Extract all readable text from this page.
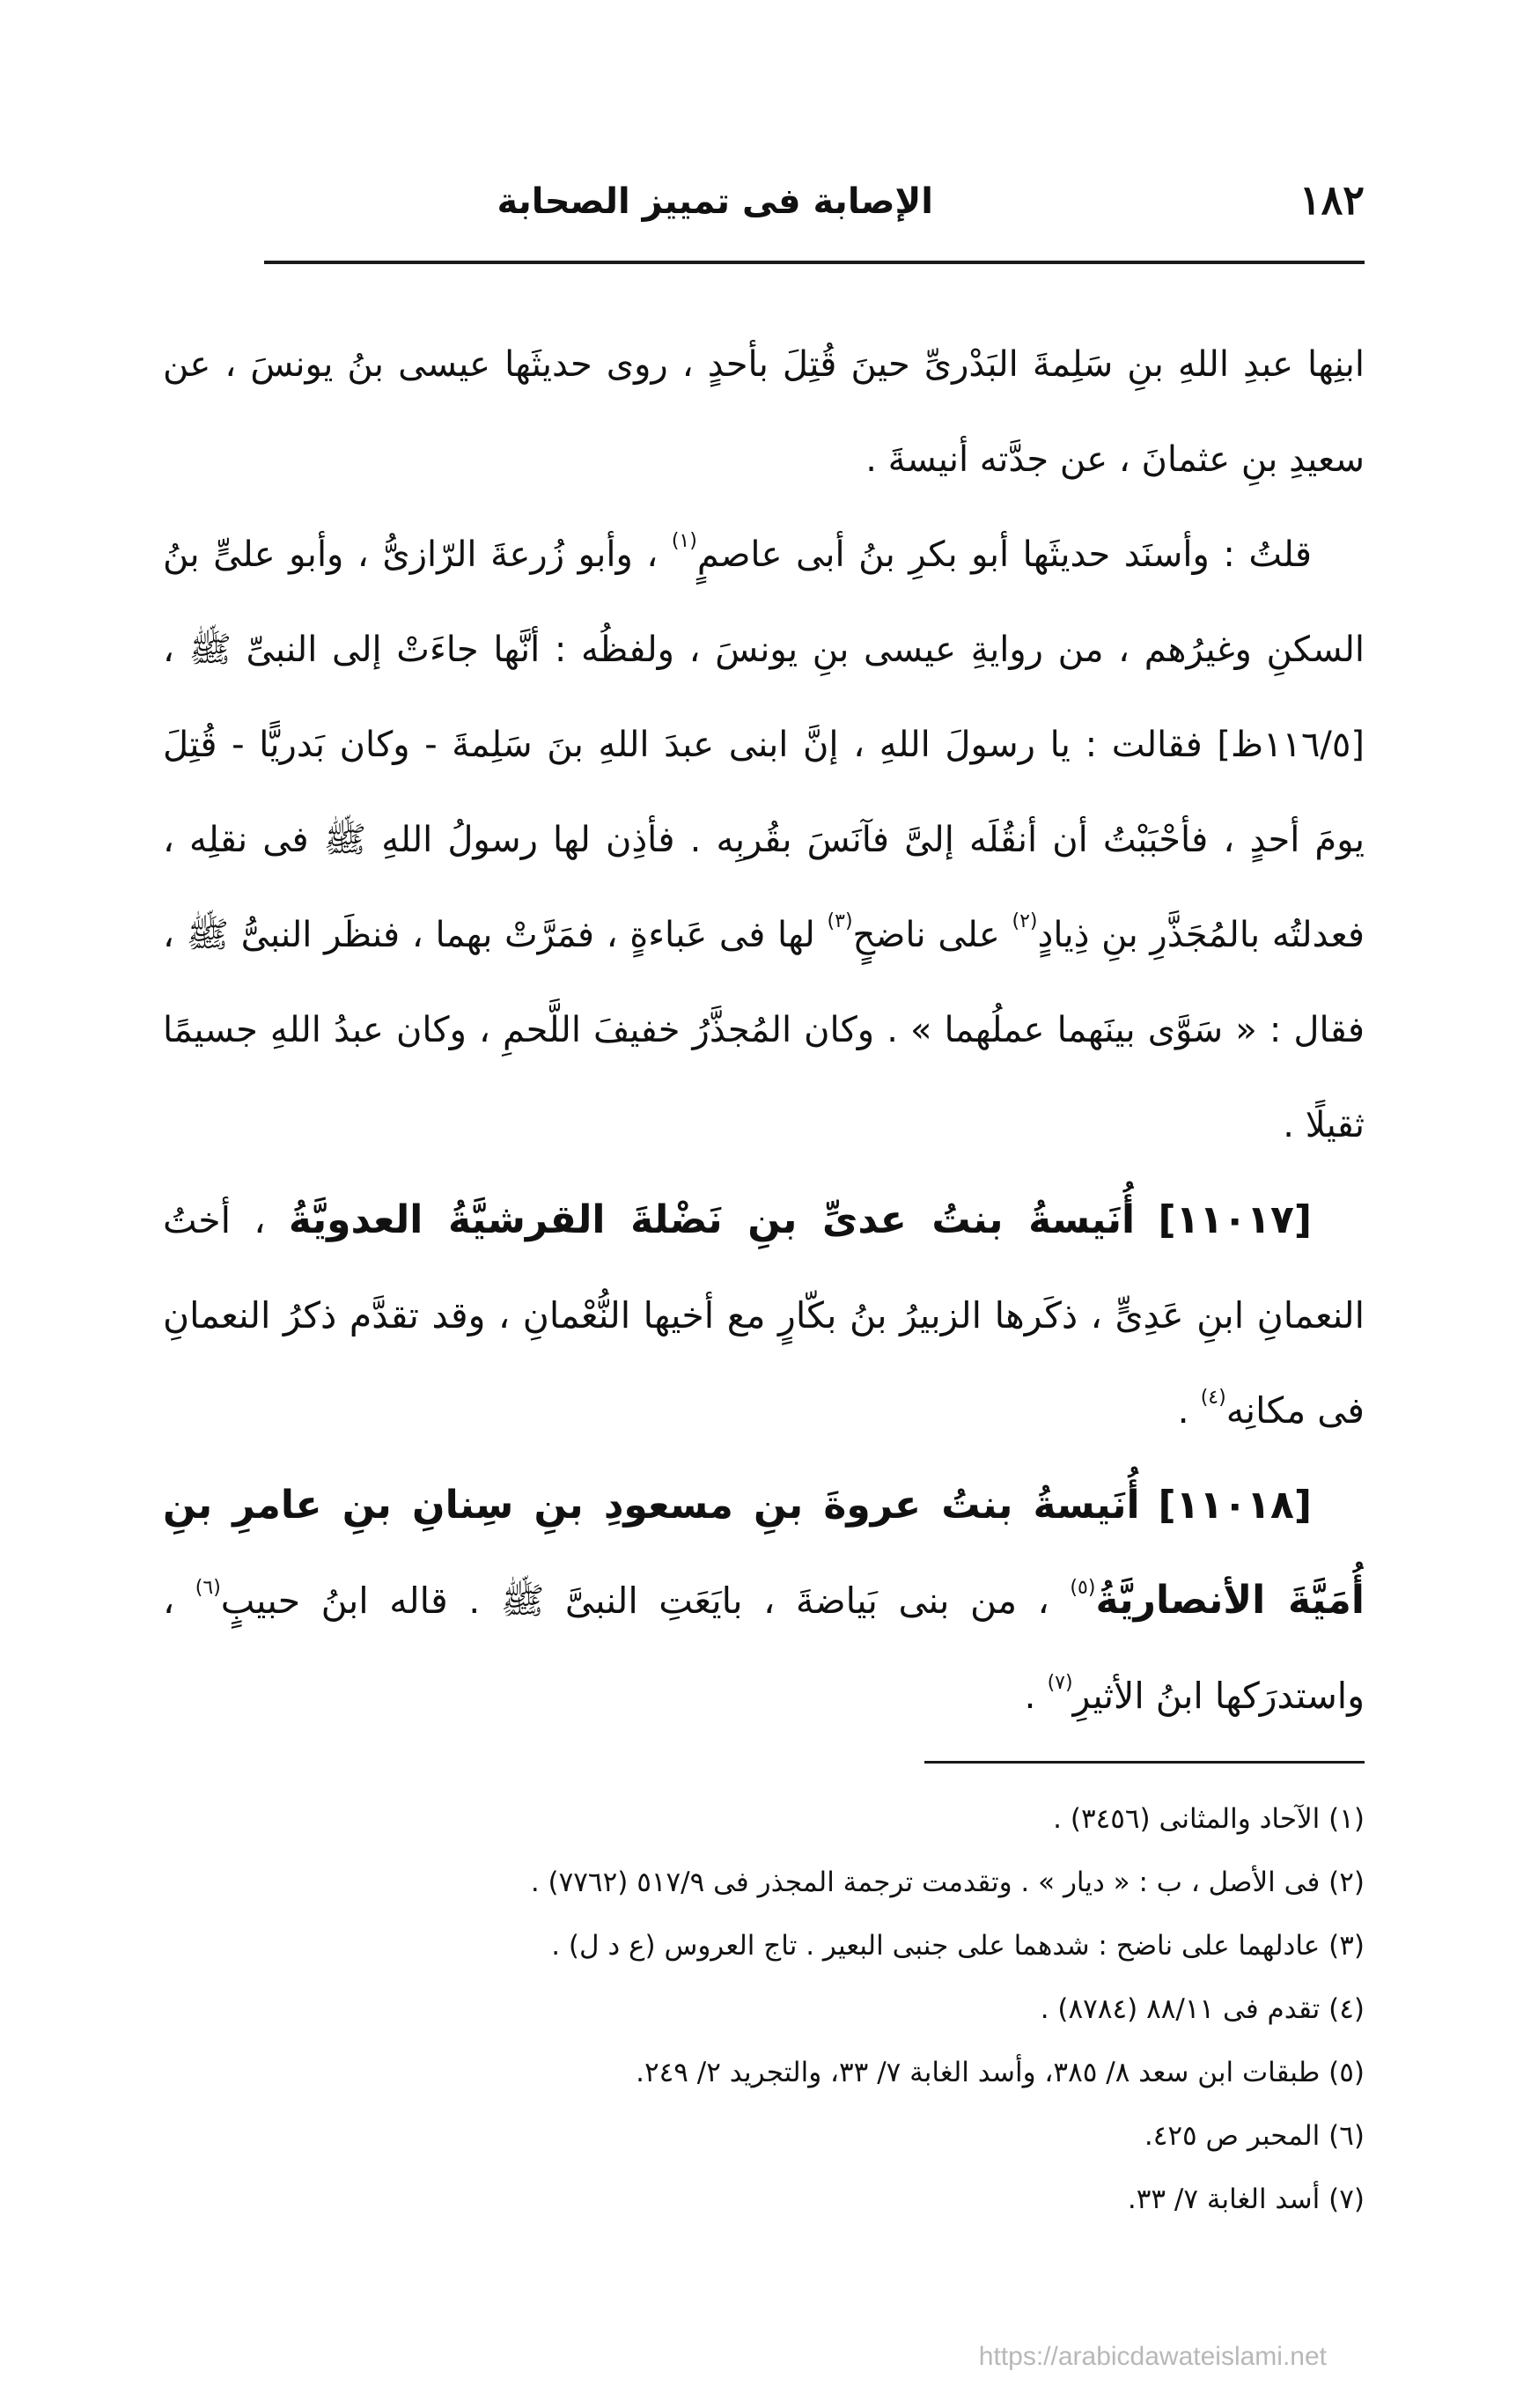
١٨٢
الإصابة فى تمييز الصحابة

ابنِها عبدِ اللهِ بنِ سَلِمةَ البَدْرىِّ حينَ قُتِلَ بأحدٍ ، روى حديثَها عيسى بنُ يونسَ ، عن سعيدِ بنِ عثمانَ ، عن جدَّته أنيسةَ .

قلتُ : وأسنَد حديثَها أبو بكرِ بنُ أبى عاصمٍ$^{(١)}$ ، وأبو زُرعةَ الرّازىُّ ، وأبو علىٍّ بنُ السكنِ وغيرُهم ، من روايةِ عيسى بنِ يونسَ ، ولفظُه : أنَّها جاءَتْ إلى النبىِّ ﷺ ، [١١٦/٥ظ] فقالت : يا رسولَ اللهِ ، إنَّ ابنى عبدَ اللهِ بنَ سَلِمةَ - وكان بَدريًّا - قُتِلَ يومَ أحدٍ ، فأحْبَبْتُ أن أنقُلَه إلىَّ فآنَسَ بقُربِه . فأذِن لها رسولُ اللهِ ﷺ فى نقلِه ، فعدلتُه بالمُجَذَّرِ بنِ ذِيادٍ$^{(٢)}$ على ناضحٍ$^{(٣)}$ لها فى عَباءةٍ ، فمَرَّتْ بهما ، فنظَر النبىُّ ﷺ ، فقال : « سَوَّى بينَهما عملُهما » . وكان المُجذَّرُ خفيفَ اللَّحمِ ، وكان عبدُ اللهِ جسيمًا ثقيلًا .

[١١٠١٧] أُنَيسةُ بنتُ عدىِّ بنِ نَضْلةَ القرشيَّةُ العدويَّةُ ، أختُ النعمانِ ابنِ عَدِىٍّ ، ذكَرها الزبيرُ بنُ بكّارٍ مع أخيها النُّعْمانِ ، وقد تقدَّم ذكرُ النعمانِ فى مكانِه$^{(٤)}$ .

[١١٠١٨] أُنَيسةُ بنتُ عروةَ بنِ مسعودِ بنِ سِنانِ بنِ عامرِ بنِ أُمَيَّةَ الأنصاريَّةُ$^{(٥)}$ ، من بنى بَياضةَ ، بايَعَتِ النبىَّ ﷺ . قاله ابنُ حبيبٍ$^{(٦)}$ ، واستدرَكها ابنُ الأثيرِ$^{(٧)}$ .

(١) الآحاد والمثانى (٣٤٥٦) .

(٢) فى الأصل ، ب : « ديار » . وتقدمت ترجمة المجذر فى ٥١٧/٩ (٧٧٦٢) .

(٣) عادلهما على ناضح : شدهما على جنبى البعير . تاج العروس (ع د ل) .

(٤) تقدم فى ٨٨/١١ (٨٧٨٤) .

(٥) طبقات ابن سعد ٨/ ٣٨٥، وأسد الغابة ٧/ ٣٣، والتجريد ٢/ ٢٤٩.

(٦) المحبر ص ٤٢٥.

(٧) أسد الغابة ٧/ ٣٣.

https://arabicdawateislami.net
